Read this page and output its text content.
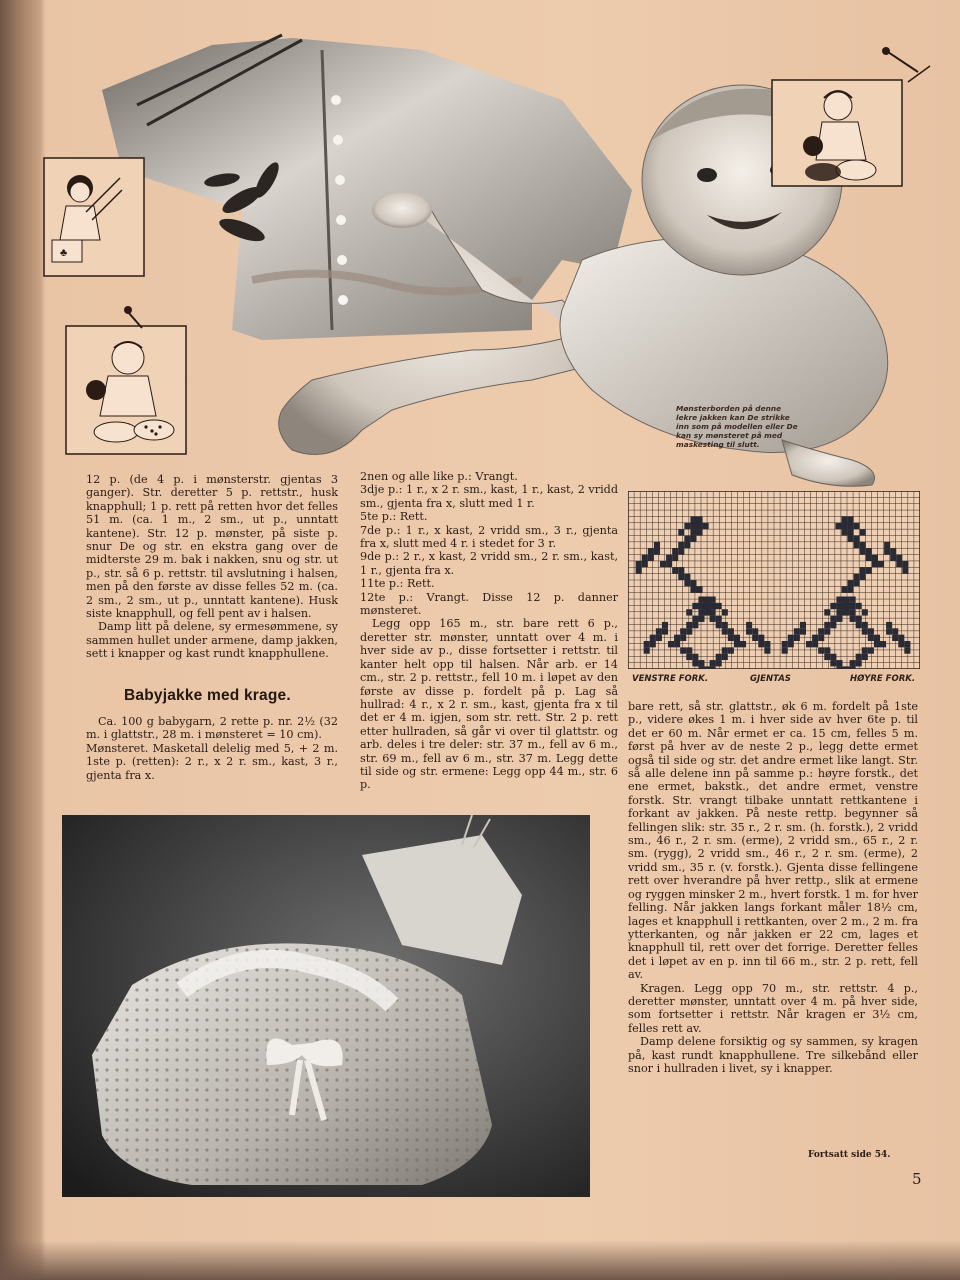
♣
Mønsterborden på denne lekre jakken kan De strikke inn som på modellen eller De kan sy mønsteret på med maskesting til slutt.

12 p. (de 4 p. i mønsterstr. gjentas 3 ganger). Str. deretter 5 p. rettstr., husk knapphull; 1 p. rett på retten hvor det felles 51 m. (ca. 1 m., 2 sm., ut p., unntatt kantene). Str. 12 p. mønster, på siste p. snur De og str. en ekstra gang over de midterste 29 m. bak i nakken, snu og str. ut p., str. så 6 p. rettstr. til avslutning i halsen, men på den første av disse felles 52 m. (ca. 2 sm., 2 sm., ut p., unntatt kantene). Husk siste knapphull, og fell pent av i halsen.

Damp litt på delene, sy ermesømmene, sy sammen hullet under armene, damp jakken, sett i knapper og kast rundt knapphullene.

Babyjakke med krage.

Ca. 100 g babygarn, 2 rette p. nr. 2½ (32 m. i glattstr., 28 m. i mønsteret = 10 cm).

Mønsteret. Masketall delelig med 5, + 2 m. 1ste p. (retten): 2 r., x 2 r. sm., kast, 3 r., gjenta fra x.

2nen og alle like p.: Vrangt.

3dje p.: 1 r., x 2 r. sm., kast, 1 r., kast, 2 vridd sm., gjenta fra x, slutt med 1 r.

5te p.: Rett.

7de p.: 1 r., x kast, 2 vridd sm., 3 r., gjenta fra x, slutt med 4 r. i stedet for 3 r.

9de p.: 2 r., x kast, 2 vridd sm., 2 r. sm., kast, 1 r., gjenta fra x.

11te p.: Rett.

12te p.: Vrangt. Disse 12 p. danner mønsteret.

Legg opp 165 m., str. bare rett 6 p., deretter str. mønster, unntatt over 4 m. i hver side av p., disse fortsetter i rettstr. til kanter helt opp til halsen. Når arb. er 14 cm., str. 2 p. rettstr., fell 10 m. i løpet av den første av disse p. fordelt på p. Lag så hullrad: 4 r., x 2 r. sm., kast, gjenta fra x til det er 4 m. igjen, som str. rett. Str. 2 p. rett etter hullraden, så går vi over til glattstr. og arb. deles i tre deler: str. 37 m., fell av 6 m., str. 69 m., fell av 6 m., str. 37 m. Legg dette til side og str. ermene: Legg opp 44 m., str. 6 p.

VENSTRE FORK.	GJENTAS	HØYRE FORK.

bare rett, så str. glattstr., øk 6 m. fordelt på 1ste p., videre økes 1 m. i hver side av hver 6te p. til det er 60 m. Når ermet er ca. 15 cm, felles 5 m. først på hver av de neste 2 p., legg dette ermet også til side og str. det andre ermet like langt. Str. så alle delene inn på samme p.: høyre forstk., det ene ermet, bakstk., det andre ermet, venstre forstk. Str. vrangt tilbake unntatt rettkantene i forkant av jakken. På neste rettp. begynner så fellingen slik: str. 35 r., 2 r. sm. (h. forstk.), 2 vridd sm., 46 r., 2 r. sm. (erme), 2 vridd sm., 65 r., 2 r. sm. (rygg), 2 vridd sm., 46 r., 2 r. sm. (erme), 2 vridd sm., 35 r. (v. forstk.). Gjenta disse fellingene rett over hverandre på hver rettp., slik at ermene og ryggen minsker 2 m., hvert forstk. 1 m. for hver felling. Når jakken langs forkant måler 18½ cm, lages et knapphull i rettkanten, over 2 m., 2 m. fra ytterkanten, og når jakken er 22 cm, lages et knapphull til, rett over det forrige. Deretter felles det i løpet av en p. inn til 66 m., str. 2 p. rett, fell av.

Kragen. Legg opp 70 m., str. rettstr. 4 p., deretter mønster, unntatt over 4 m. på hver side, som fortsetter i rettstr. Når kragen er 3½ cm, felles rett av.

Damp delene forsiktig og sy sammen, sy kragen på, kast rundt knapphullene. Tre silkebånd eller snor i hullraden i livet, sy i knapper.

Fortsatt side 54.
5
